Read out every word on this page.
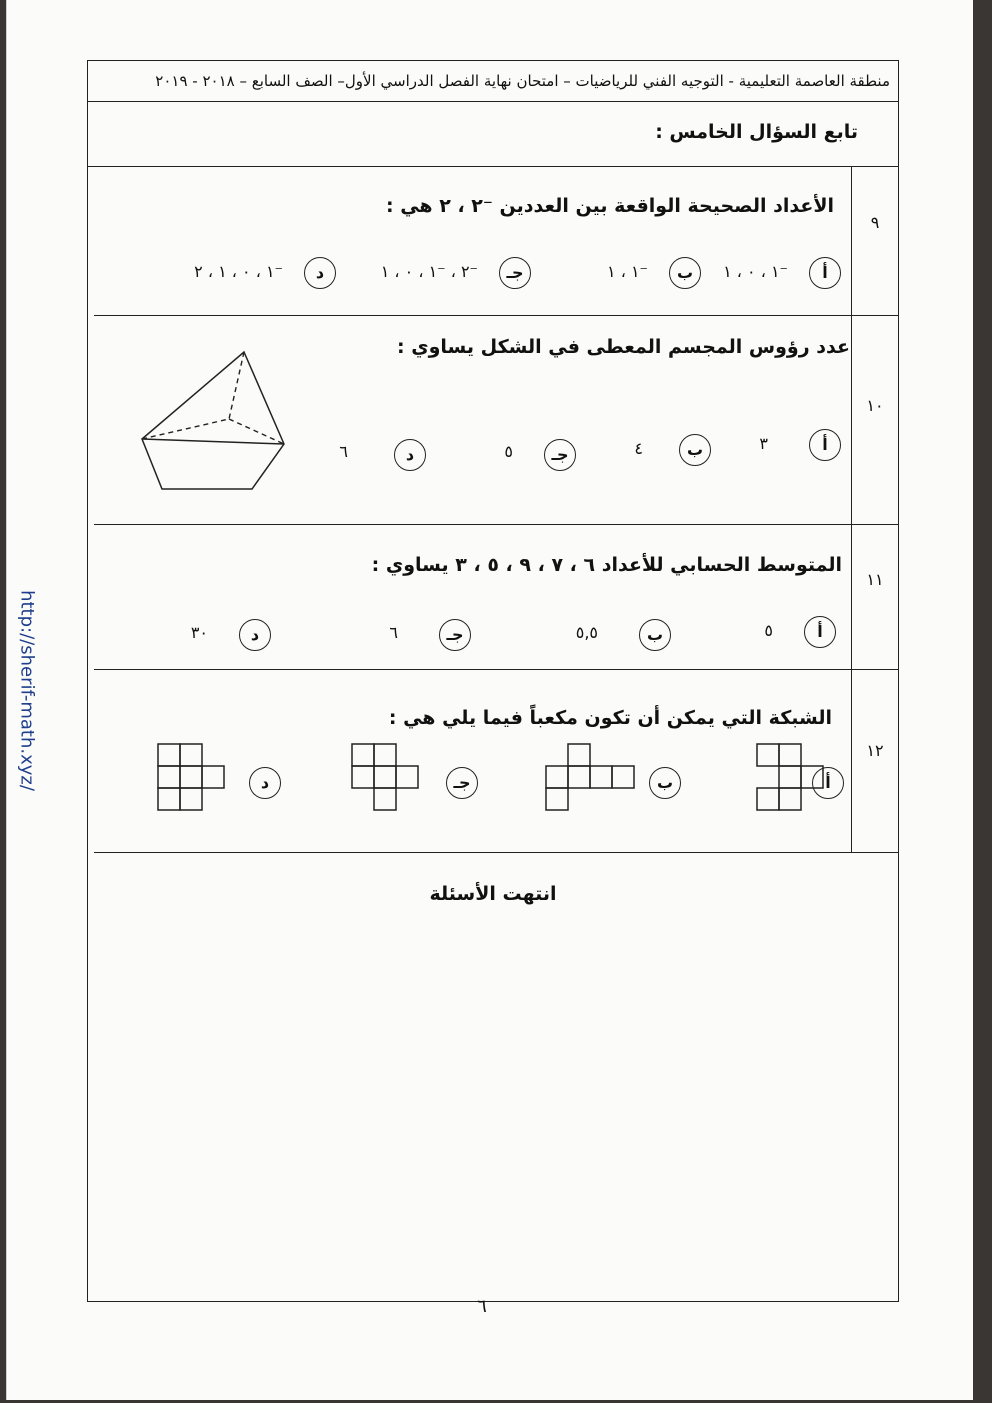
http://sherif-math.xyz/
منطقة العاصمة التعليمية - التوجيه الفني للرياضيات – امتحان نهاية الفصل الدراسي الأول– الصف السابع – ٢٠١٨ - ٢٠١٩
تابع السؤال الخامس :
٩
الأعداد الصحيحة الواقعة بين العددين ⁻٢ ، ٢ هي :
أ
⁻١ ، ٠ ، ١
ب
⁻١ ، ١
جـ
⁻٢ ، ⁻١ ، ٠ ، ١
د
⁻١ ، ٠ ، ١ ، ٢
١٠
عدد رؤوس المجسم المعطى في الشكل يساوي :
أ
٣
ب
٤
جـ
٥
د
٦
١١
المتوسط الحسابي للأعداد ٦ ، ٧ ، ٩ ، ٥ ، ٣ يساوي :
أ
٥
ب
٥,٥
جـ
٦
د
٣٠
١٢
الشبكة التي يمكن أن تكون مكعباً فيما يلي هي :
أ
ب
جـ
د
انتهت الأسئلة
٦
